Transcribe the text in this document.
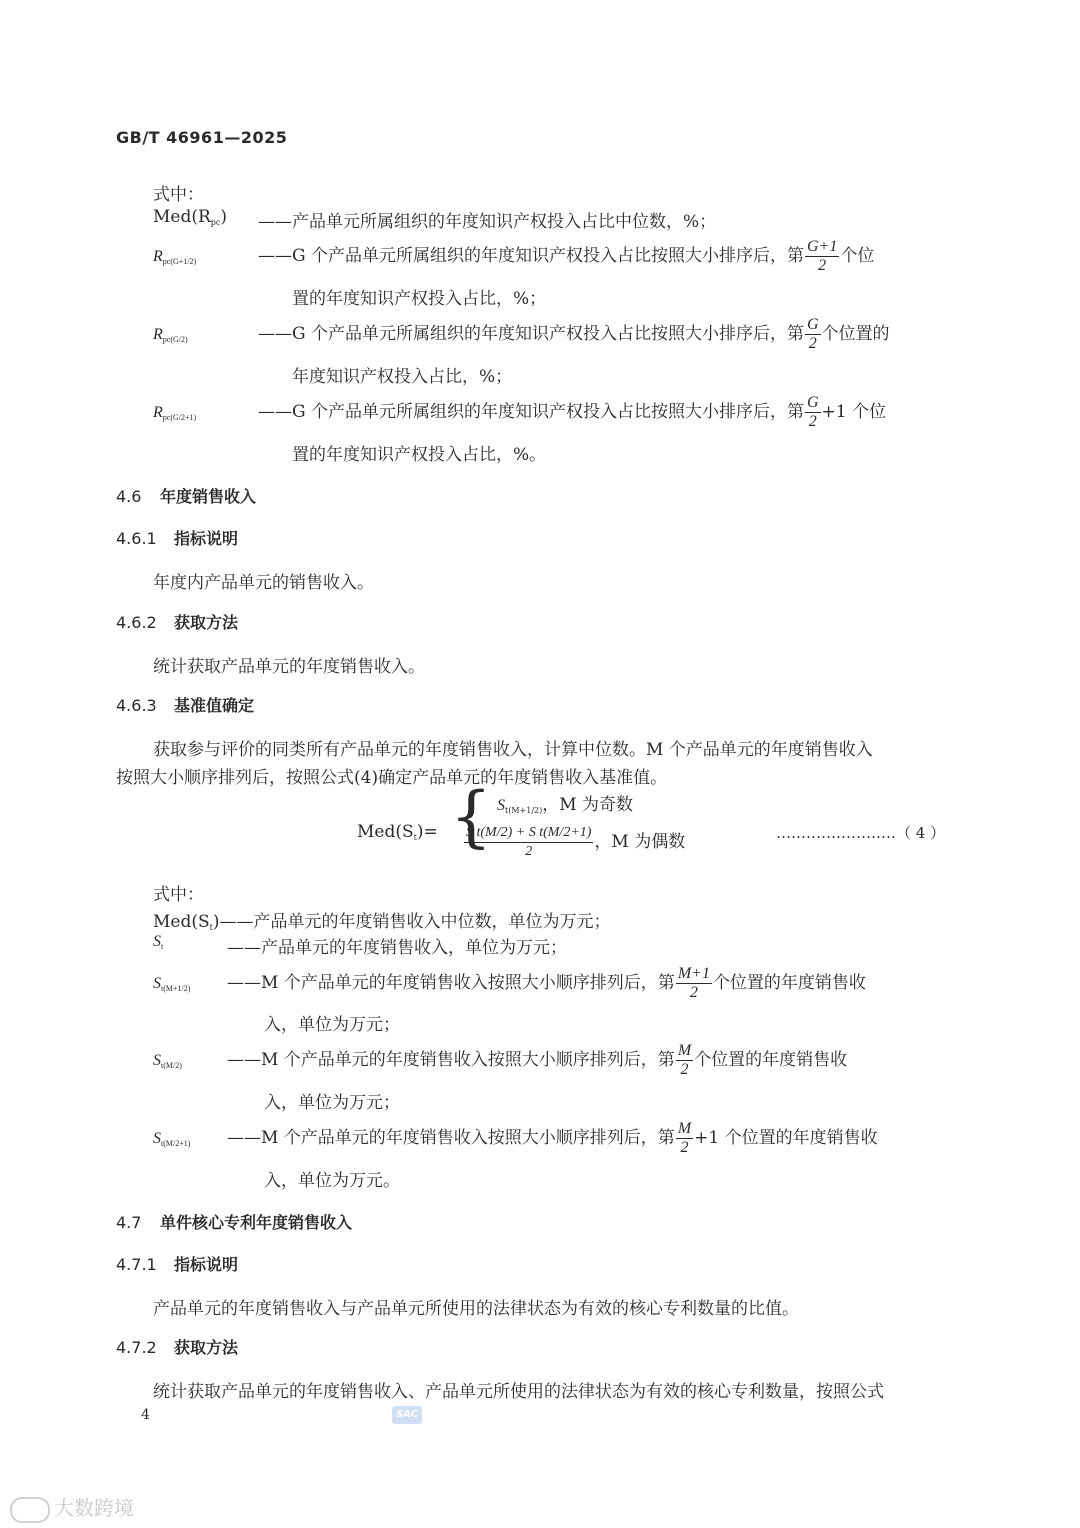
GB/T 46961—2025
式中：
$Med(R_{pc})$ ——产品单元所属组织的年度知识产权投入占比中位数，%；
$R_{pc(G+1/2)}$	——G 个产品单元所属组织的年度知识产权投入占比按照大小排序后，第 $\frac{G+1}{2}$ 个位
置的年度知识产权投入占比，%；
$R_{pc(G/2)}$	——G 个产品单元所属组织的年度知识产权投入占比按照大小排序后，第 $\frac{G}{2}$ 个位置的
年度知识产权投入占比，%；
$R_{pc(G/2+1)}$	——G 个产品单元所属组织的年度知识产权投入占比按照大小排序后，第 $\frac{G}{2} +1$ 个位
置的年度知识产权投入占比，%。
4.6 年度销售收入
4.6.1 指标说明
年度内产品单元的销售收入。
4.6.2 获取方法
统计获取产品单元的年度销售收入。
4.6.3 基准值确定
获取参与评价的同类所有产品单元的年度销售收入，计算中位数。M 个产品单元的年度销售收入
按照大小顺序排列后，按照公式(4)确定产品单元的年度销售收入基准值。
$Med(S_t)=$ { $S_{t(M+1/2)}$，M 为奇数
$\frac{\text{S t(M/2) + S t(M/2+1)}}{2}$ ，M 为偶数	……………………（ 4 ）
式中：
$Med(S_t)——$产品单元的年度销售收入中位数，单位为万元；
$S_t$	——产品单元的年度销售收入，单位为万元；
$S_{t(M+1/2)}$ ——M 个产品单元的年度销售收入按照大小顺序排列后，第 $\frac{M+1}{2}$ 个位置的年度销售收
入，单位为万元；
$S_{t(M/2)}$	——M 个产品单元的年度销售收入按照大小顺序排列后，第 $\frac{M}{2}$ 个位置的年度销售收
入，单位为万元；
$S_{t(M/2+1)}$ ——M 个产品单元的年度销售收入按照大小顺序排列后，第 $\frac{M}{2} +1$ 个位置的年度销售收
入，单位为万元。
4.7 单件核心专利年度销售收入
4.7.1 指标说明
产品单元的年度销售收入与产品单元所使用的法律状态为有效的核心专利数量的比值。
4.7.2 获取方法
统计获取产品单元的年度销售收入、产品单元所使用的法律状态为有效的核心专利数量，按照公式
4	SAC
大数跨境
